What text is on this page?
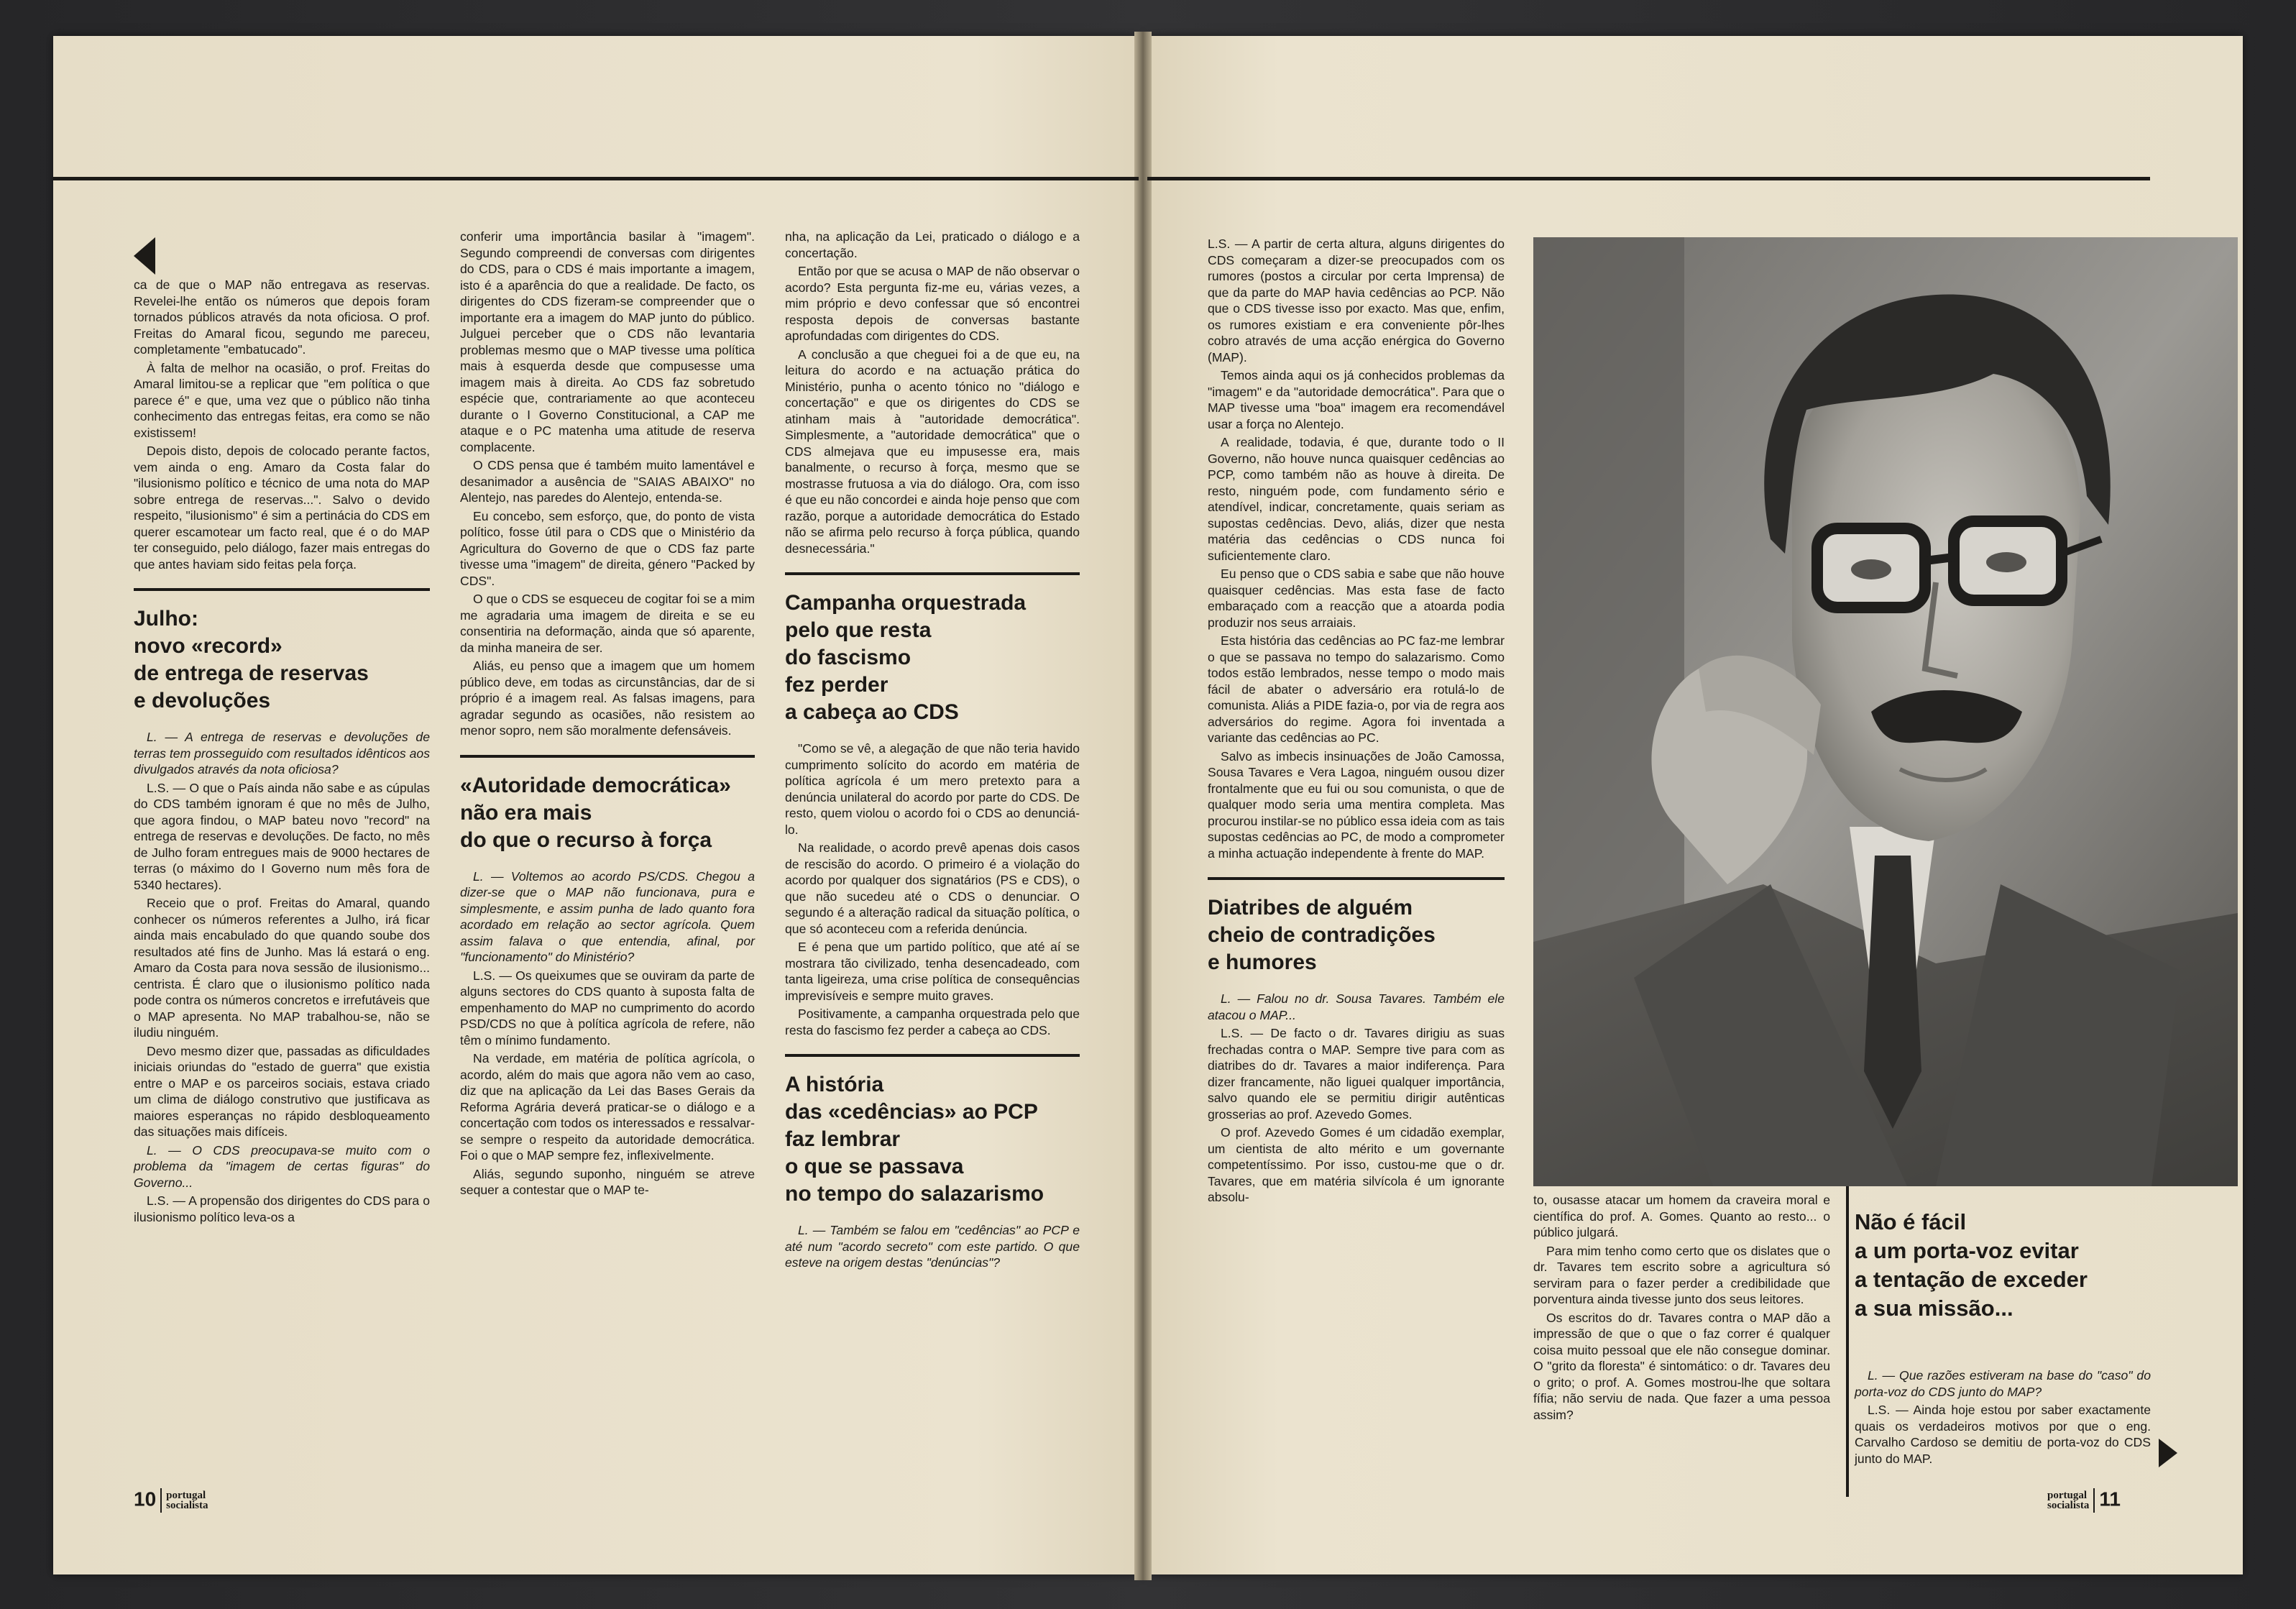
ca de que o MAP não entregava as reservas. Revelei-lhe então os números que depois foram tornados públicos através da nota oficiosa. O prof. Freitas do Amaral ficou, segundo me pareceu, completamente "embatucado".

À falta de melhor na ocasião, o prof. Freitas do Amaral limitou-se a replicar que "em política o que parece é" e que, uma vez que o público não tinha conhecimento das entregas feitas, era como se não existissem!

Depois disto, depois de colocado perante factos, vem ainda o eng. Amaro da Costa falar do "ilusionismo político e técnico de uma nota do MAP sobre entrega de reservas...". Salvo o devido respeito, "ilusionismo" é sim a pertinácia do CDS em querer escamotear um facto real, que é o do MAP ter conseguido, pelo diálogo, fazer mais entregas do que antes haviam sido feitas pela força.

Julho:
novo «record»
de entrega de reservas
e devoluções

L. — A entrega de reservas e devoluções de terras tem prosseguido com resultados idênticos aos divulgados através da nota oficiosa?

L.S. — O que o País ainda não sabe e as cúpulas do CDS também ignoram é que no mês de Julho, que agora findou, o MAP bateu novo "record" na entrega de reservas e devoluções. De facto, no mês de Julho foram entregues mais de 9000 hectares de terras (o máximo do I Governo num mês fora de 5340 hectares).

Receio que o prof. Freitas do Amaral, quando conhecer os números referentes a Julho, irá ficar ainda mais encabulado do que quando soube dos resultados até fins de Junho. Mas lá estará o eng. Amaro da Costa para nova sessão de ilusionismo... centrista. É claro que o ilusionismo político nada pode contra os números concretos e irrefutáveis que o MAP apresenta. No MAP trabalhou-se, não se iludiu ninguém.

Devo mesmo dizer que, passadas as dificuldades iniciais oriundas do "estado de guerra" que existia entre o MAP e os parceiros sociais, estava criado um clima de diálogo construtivo que justificava as maiores esperanças no rápido desbloqueamento das situações mais difíceis.

L. — O CDS preocupava-se muito com o problema da "imagem de certas figuras" do Governo...

L.S. — A propensão dos dirigentes do CDS para o ilusionismo político leva-os a

conferir uma importância basilar à "imagem". Segundo compreendi de conversas com dirigentes do CDS, para o CDS é mais importante a imagem, isto é a aparência do que a realidade. De facto, os dirigentes do CDS fizeram-se compreender que o importante era a imagem do MAP junto do público. Julguei perceber que o CDS não levantaria problemas mesmo que o MAP tivesse uma política mais à esquerda desde que compusesse uma imagem mais à direita. Ao CDS faz sobretudo espécie que, contrariamente ao que aconteceu durante o I Governo Constitucional, a CAP me ataque e o PC matenha uma atitude de reserva complacente.

O CDS pensa que é também muito lamentável e desanimador a ausência de "SAIAS ABAIXO" no Alentejo, nas paredes do Alentejo, entenda-se.

Eu concebo, sem esforço, que, do ponto de vista político, fosse útil para o CDS que o Ministério da Agricultura do Governo de que o CDS faz parte tivesse uma "imagem" de direita, género "Packed by CDS".

O que o CDS se esqueceu de cogitar foi se a mim me agradaria uma imagem de direita e se eu consentiria na deformação, ainda que só aparente, da minha maneira de ser.

Aliás, eu penso que a imagem que um homem público deve, em todas as circunstâncias, dar de si próprio é a imagem real. As falsas imagens, para agradar segundo as ocasiões, não resistem ao menor sopro, nem são moralmente defensáveis.

«Autoridade democrática»
não era mais
do que o recurso à força

L. — Voltemos ao acordo PS/CDS. Chegou a dizer-se que o MAP não funcionava, pura e simplesmente, e assim punha de lado quanto fora acordado em relação ao sector agrícola. Quem assim falava o que entendia, afinal, por "funcionamento" do Ministério?

L.S. — Os queixumes que se ouviram da parte de alguns sectores do CDS quanto à suposta falta de empenhamento do MAP no cumprimento do acordo PSD/CDS no que à política agrícola de refere, não têm o mínimo fundamento.

Na verdade, em matéria de política agrícola, o acordo, além do mais que agora não vem ao caso, diz que na aplicação da Lei das Bases Gerais da Reforma Agrária deverá praticar-se o diálogo e a concertação com todos os interessados e ressalvar-se sempre o respeito da autoridade democrática. Foi o que o MAP sempre fez, inflexivelmente.

Aliás, segundo suponho, ninguém se atreve sequer a contestar que o MAP te-

nha, na aplicação da Lei, praticado o diálogo e a concertação.

Então por que se acusa o MAP de não observar o acordo? Esta pergunta fiz-me eu, várias vezes, a mim próprio e devo confessar que só encontrei resposta depois de conversas bastante aprofundadas com dirigentes do CDS.

A conclusão a que cheguei foi a de que eu, na leitura do acordo e na actuação prática do Ministério, punha o acento tónico no "diálogo e concertação" e que os dirigentes do CDS se atinham mais à "autoridade democrática". Simplesmente, a "autoridade democrática" que o CDS almejava que eu impusesse era, mais banalmente, o recurso à força, mesmo que se mostrasse frutuosa a via do diálogo. Ora, com isso é que eu não concordei e ainda hoje penso que com razão, porque a autoridade democrática do Estado não se afirma pelo recurso à força pública, quando desnecessária."

Campanha orquestrada
pelo que resta
do fascismo
fez perder
a cabeça ao CDS

"Como se vê, a alegação de que não teria havido cumprimento solícito do acordo em matéria de política agrícola é um mero pretexto para a denúncia unilateral do acordo por parte do CDS. De resto, quem violou o acordo foi o CDS ao denunciá-lo.

Na realidade, o acordo prevê apenas dois casos de rescisão do acordo. O primeiro é a violação do acordo por qualquer dos signatários (PS e CDS), o que não sucedeu até o CDS o denunciar. O segundo é a alteração radical da situação política, o que só aconteceu com a referida denúncia.

E é pena que um partido político, que até aí se mostrara tão civilizado, tenha desencadeado, com tanta ligeireza, uma crise política de consequências imprevisíveis e sempre muito graves.

Positivamente, a campanha orquestrada pelo que resta do fascismo fez perder a cabeça ao CDS.

A história
das «cedências» ao PCP
faz lembrar
o que se passava
no tempo do salazarismo

L. — Também se falou em "cedências" ao PCP e até num "acordo secreto" com este partido. O que esteve na origem destas "denúncias"?

L.S. — A partir de certa altura, alguns dirigentes do CDS começaram a dizer-se preocupados com os rumores (postos a circular por certa Imprensa) de que da parte do MAP havia cedências ao PCP. Não que o CDS tivesse isso por exacto. Mas que, enfim, os rumores existiam e era conveniente pôr-lhes cobro através de uma acção enérgica do Governo (MAP).

Temos ainda aqui os já conhecidos problemas da "imagem" e da "autoridade democrática". Para que o MAP tivesse uma "boa" imagem era recomendável usar a força no Alentejo.

A realidade, todavia, é que, durante todo o II Governo, não houve nunca quaisquer cedências ao PCP, como também não as houve à direita. De resto, ninguém pode, com fundamento sério e atendível, indicar, concretamente, quais seriam as supostas cedências. Devo, aliás, dizer que nesta matéria das cedências o CDS nunca foi suficientemente claro.

Eu penso que o CDS sabia e sabe que não houve quaisquer cedências. Mas esta fase de facto embaraçado com a reacção que a atoarda podia produzir nos seus arraiais.

Esta história das cedências ao PC faz-me lembrar o que se passava no tempo do salazarismo. Como todos estão lembrados, nesse tempo o modo mais fácil de abater o adversário era rotulá-lo de comunista. Aliás a PIDE fazia-o, por via de regra aos adversários do regime. Agora foi inventada a variante das cedências ao PC.

Salvo as imbecis insinuações de João Camossa, Sousa Tavares e Vera Lagoa, ninguém ousou dizer frontalmente que eu fui ou sou comunista, o que de qualquer modo seria uma mentira completa. Mas procurou instilar-se no público essa ideia com as tais supostas cedências ao PC, de modo a comprometer a minha actuação independente à frente do MAP.

Diatribes de alguém
cheio de contradições
e humores

L. — Falou no dr. Sousa Tavares. Também ele atacou o MAP...

L.S. — De facto o dr. Tavares dirigiu as suas frechadas contra o MAP. Sempre tive para com as diatribes do dr. Tavares a maior indiferença. Para dizer francamente, não liguei qualquer importância, salvo quando ele se permitiu dirigir autênticas grosserias ao prof. Azevedo Gomes.

O prof. Azevedo Gomes é um cidadão exemplar, um cientista de alto mérito e um governante competentíssimo. Por isso, custou-me que o dr. Tavares, que em matéria silvícola é um ignorante absolu-	to, ousasse atacar um homem da craveira moral e científica do prof. A. Gomes. Quanto ao resto... o público julgará.

Para mim tenho como certo que os dislates que o dr. Tavares tem escrito sobre a agricultura só serviram para o fazer perder a credibilidade que porventura ainda tivesse junto dos seus leitores.

Os escritos do dr. Tavares contra o MAP dão a impressão de que o que o faz correr é qualquer coisa muito pessoal que ele não consegue dominar. O "grito da floresta" é sintomático: o dr. Tavares deu o grito; o prof. A. Gomes mostrou-lhe que soltara fífia; não serviu de nada. Que fazer a uma pessoa assim?

Não é fácil
a um porta-voz evitar
a tentação de exceder
a sua missão...

L. — Que razões estiveram na base do "caso" do porta-voz do CDS junto do MAP?

L.S. — Ainda hoje estou por saber exactamente quais os verdadeiros motivos por que o eng. Carvalho Cardoso se demitiu de porta-voz do CDS junto do MAP.

10 portugal
socialista
portugal
socialista 11
